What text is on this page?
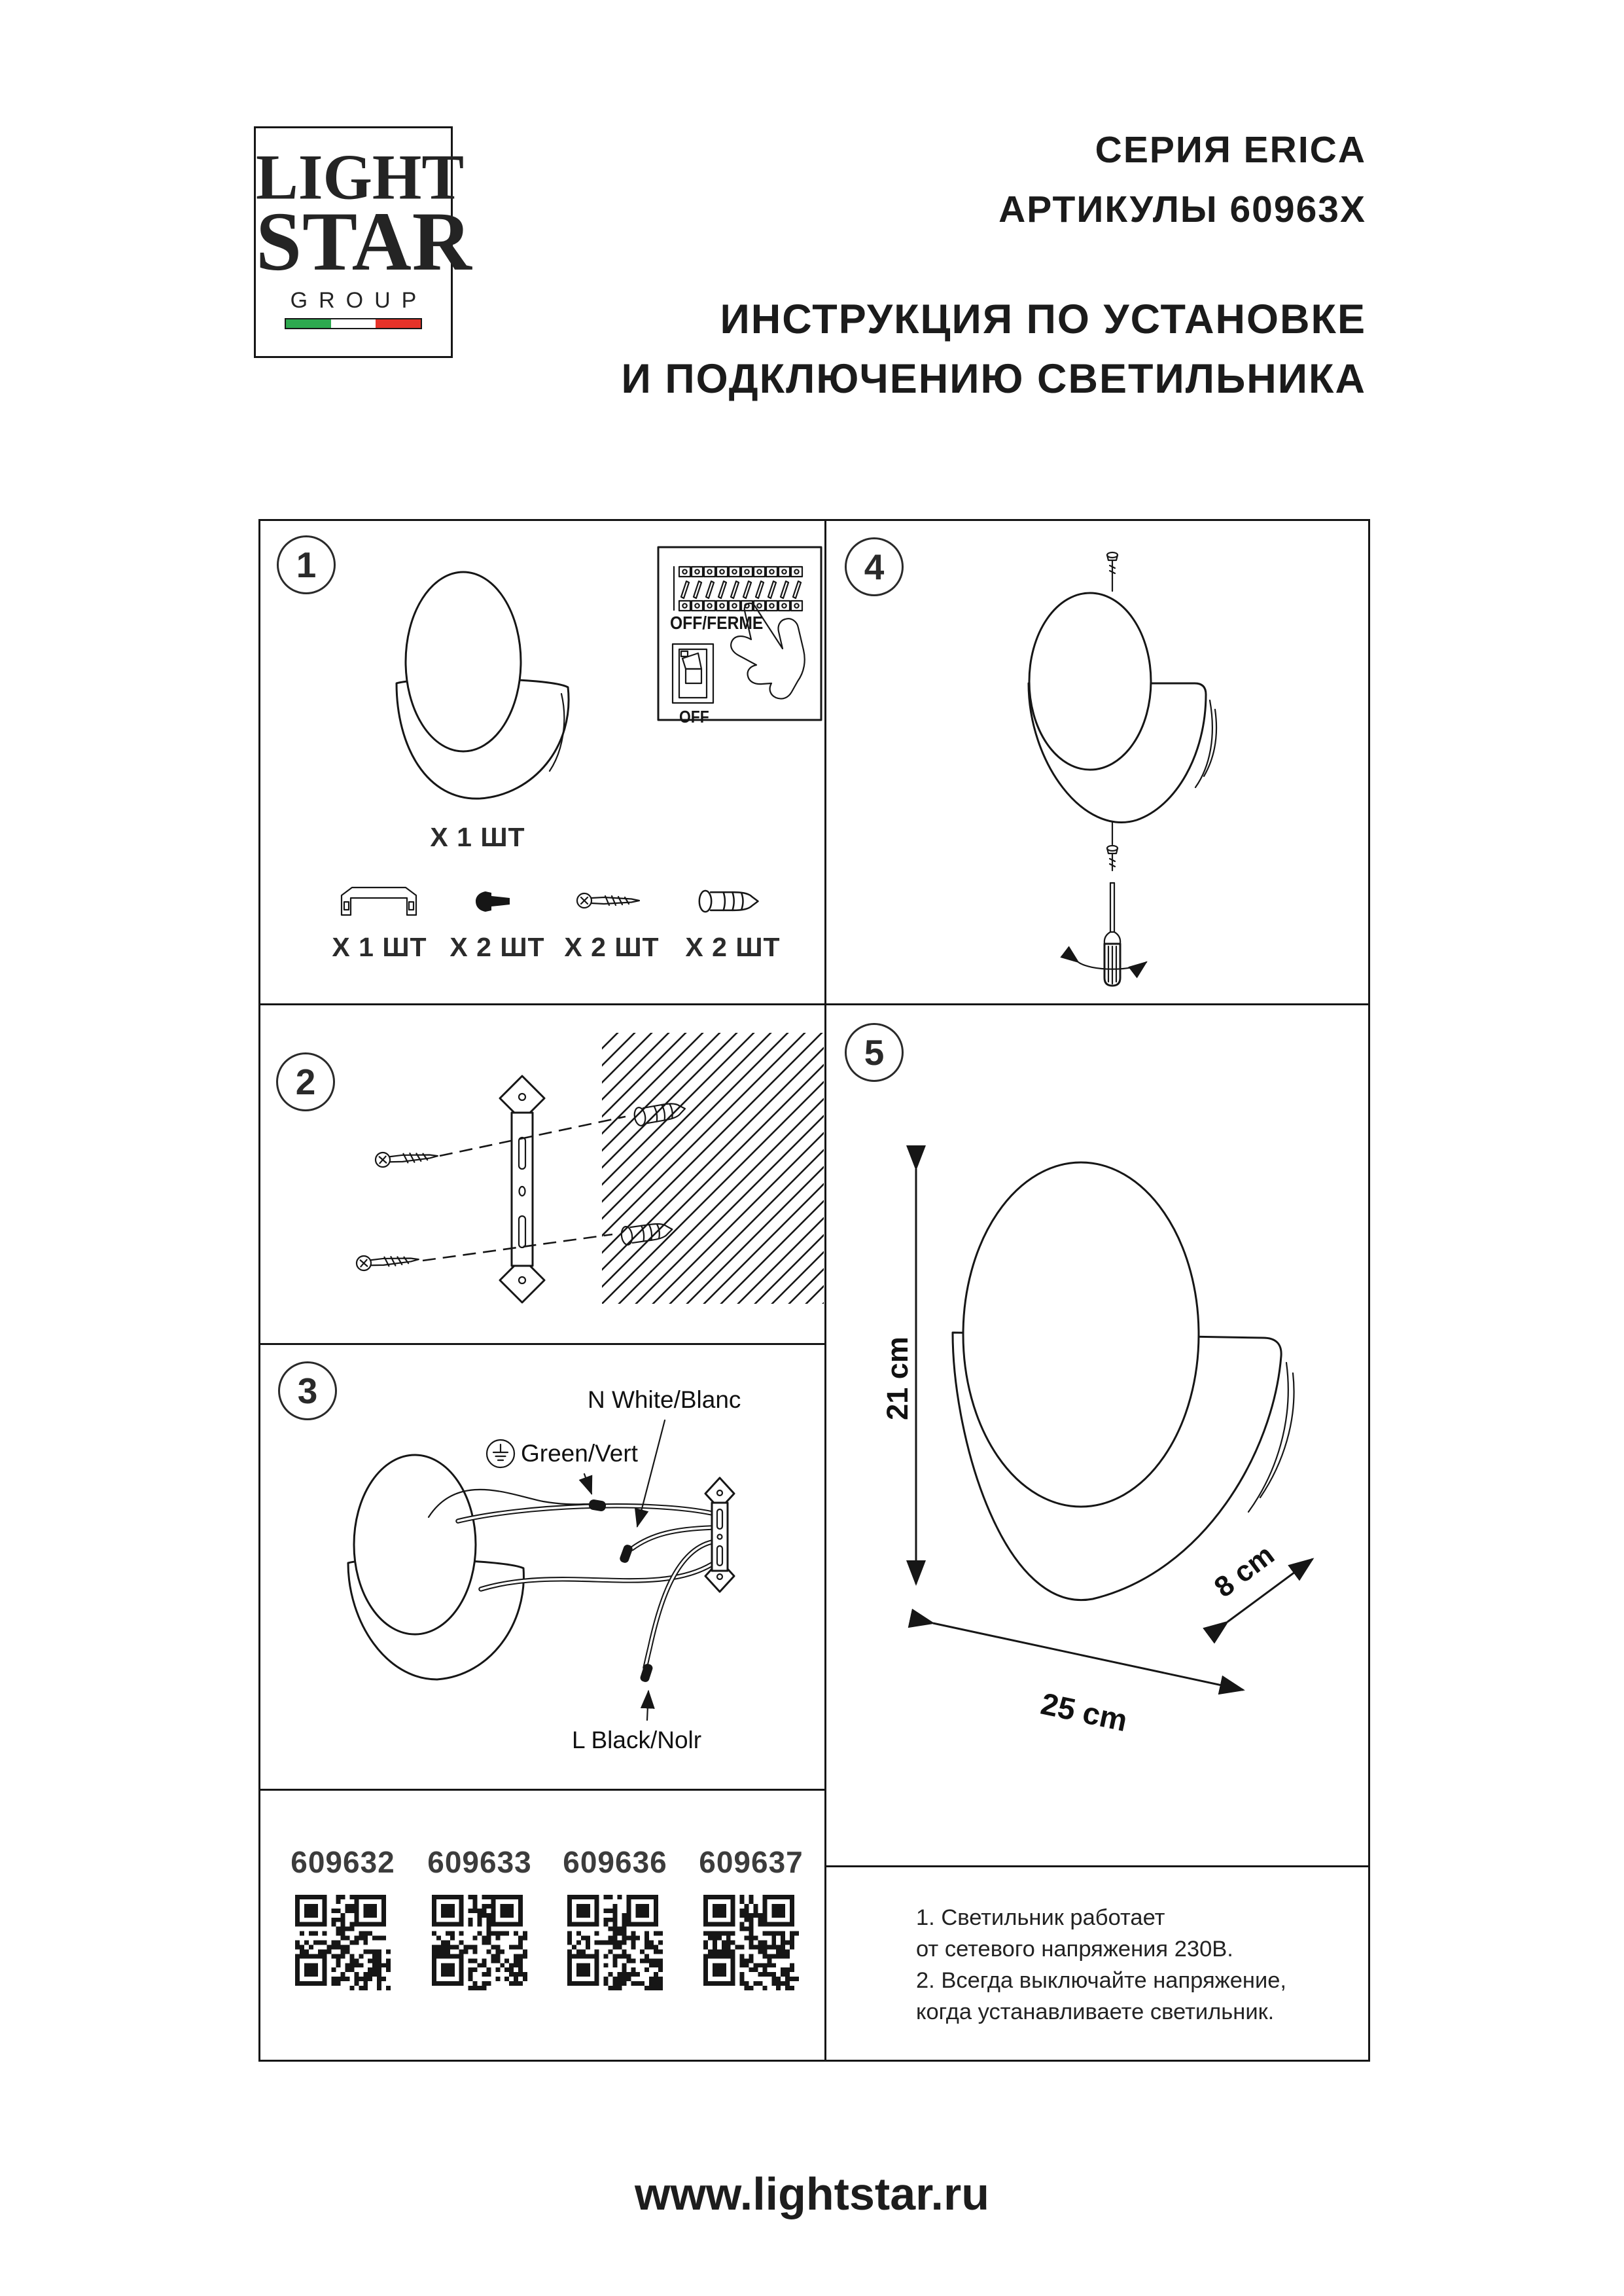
LIGHT
STAR
GROUP
СЕРИЯ ERICA
АРТИКУЛЫ 60963X
ИНСТРУКЦИЯ ПО УСТАНОВКЕ
И ПОДКЛЮЧЕНИЮ СВЕТИЛЬНИКА
1
2
3
4
5
X 1 ШТ
X 1 ШТ X 2 ШТ X 2 ШТ X 2 ШТ
OFF/FERME
OFF
N White/Blanc
Green/Vert
L Black/Nolr
21 cm
25 cm
8 cm
609632	609633	609636	609637
1. Светильник работает
от сетевого напряжения 230В.
2. Всегда выключайте напряжение,
когда устанавливаете светильник.
www.lightstar.ru
